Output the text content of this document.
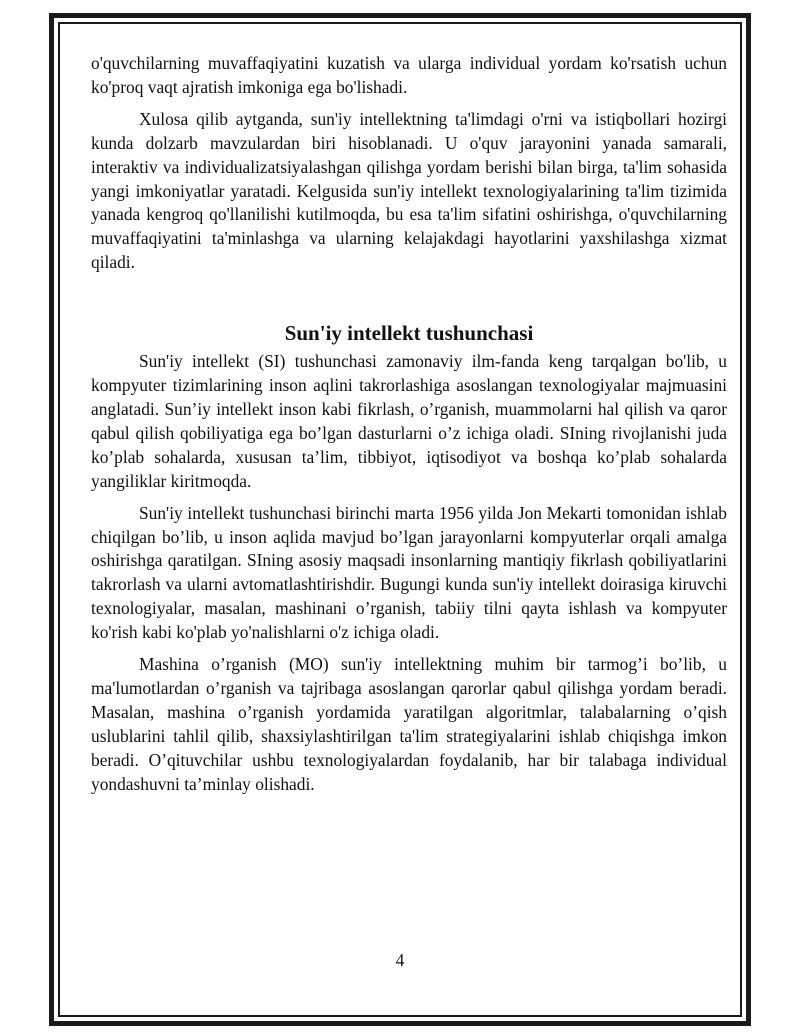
o'quvchilarning muvaffaqiyatini kuzatish va ularga individual yordam ko'rsatish uchun ko'proq vaqt ajratish imkoniga ega bo'lishadi.

Xulosa qilib aytganda, sun'iy intellektning ta'limdagi o'rni va istiqbollari hozirgi kunda dolzarb mavzulardan biri hisoblanadi. U o'quv jarayonini yanada samarali, interaktiv va individualizatsiyalashgan qilishga yordam berishi bilan birga, ta'lim sohasida yangi imkoniyatlar yaratadi. Kelgusida sun'iy intellekt texnologiyalarining ta'lim tizimida yanada kengroq qo'llanilishi kutilmoqda, bu esa ta'lim sifatini oshirishga, o'quvchilarning muvaffaqiyatini ta'minlashga va ularning kelajakdagi hayotlarini yaxshilashga xizmat qiladi.

Sun'iy intellekt tushunchasi

Sun'iy intellekt (SI) tushunchasi zamonaviy ilm-fanda keng tarqalgan bo'lib, u kompyuter tizimlarining inson aqlini takrorlashiga asoslangan texnologiyalar majmuasini anglatadi. Sun’iy intellekt inson kabi fikrlash, o’rganish, muammolarni hal qilish va qaror qabul qilish qobiliyatiga ega bo’lgan dasturlarni o’z ichiga oladi. SIning rivojlanishi juda ko’plab sohalarda, xususan ta’lim, tibbiyot, iqtisodiyot va boshqa ko’plab sohalarda yangiliklar kiritmoqda.

Sun'iy intellekt tushunchasi birinchi marta 1956 yilda Jon Mekarti tomonidan ishlab chiqilgan bo’lib, u inson aqlida mavjud bo’lgan jarayonlarni kompyuterlar orqali amalga oshirishga qaratilgan. SIning asosiy maqsadi insonlarning mantiqiy fikrlash qobiliyatlarini takrorlash va ularni avtomatlashtirishdir. Bugungi kunda sun'iy intellekt doirasiga kiruvchi texnologiyalar, masalan, mashinani o’rganish, tabiiy tilni qayta ishlash va kompyuter ko'rish kabi ko'plab yo'nalishlarni o'z ichiga oladi.

Mashina o’rganish (MO) sun'iy intellektning muhim bir tarmog’i bo’lib, u ma'lumotlardan o’rganish va tajribaga asoslangan qarorlar qabul qilishga yordam beradi. Masalan, mashina o’rganish yordamida yaratilgan algoritmlar, talabalarning o’qish uslublarini tahlil qilib, shaxsiylashtirilgan ta'lim strategiyalarini ishlab chiqishga imkon beradi. O’qituvchilar ushbu texnologiyalardan foydalanib, har bir talabaga individual yondashuvni ta’minlay olishadi.

4
